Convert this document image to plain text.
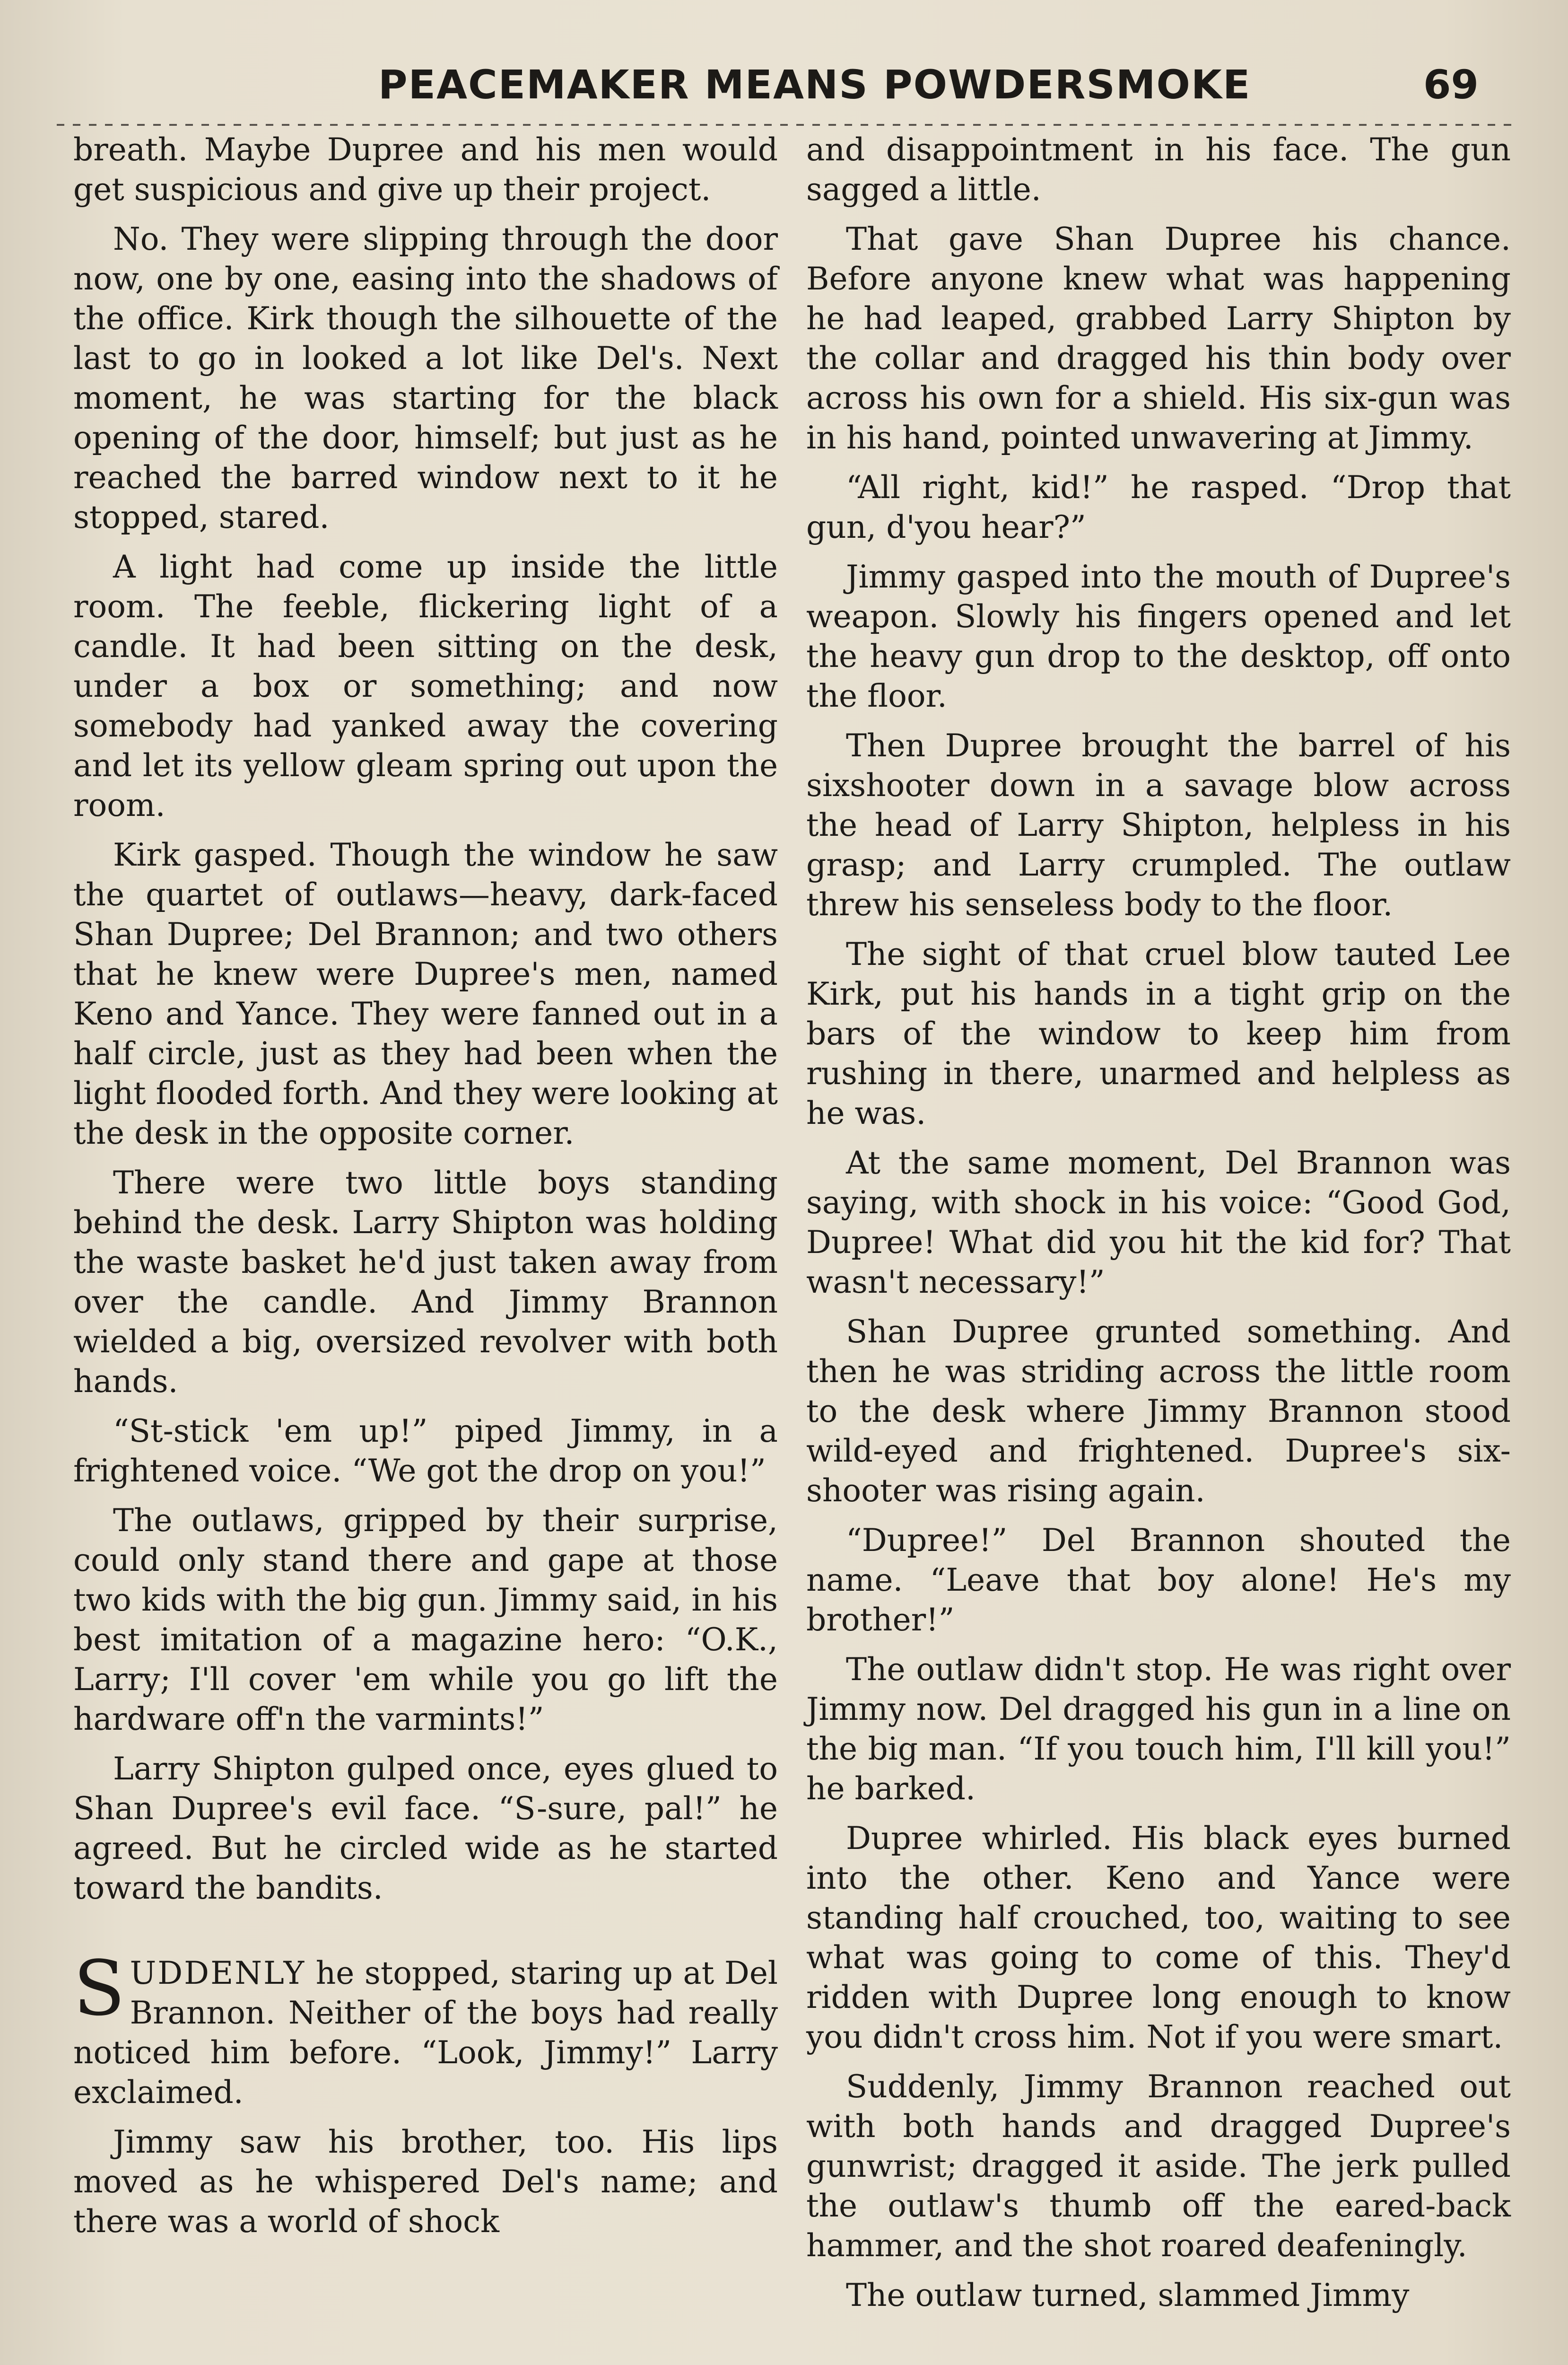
PEACEMAKER MEANS POWDERSMOKE	69

breath. Maybe Dupree and his men would get suspicious and give up their project.

No. They were slipping through the door now, one by one, easing into the shadows of the office. Kirk though the silhouette of the last to go in looked a lot like Del's. Next moment, he was starting for the black opening of the door, himself; but just as he reached the barred window next to it he stopped, stared.

A light had come up inside the little room. The feeble, flickering light of a candle. It had been sitting on the desk, under a box or something; and now somebody had yanked away the covering and let its yellow gleam spring out upon the room.

Kirk gasped. Though the window he saw the quartet of outlaws—heavy, dark-faced Shan Dupree; Del Brannon; and two others that he knew were Dupree's men, named Keno and Yance. They were fanned out in a half circle, just as they had been when the light flooded forth. And they were looking at the desk in the opposite corner.

There were two little boys standing behind the desk. Larry Shipton was holding the waste basket he'd just taken away from over the candle. And Jimmy Brannon wielded a big, oversized revolver with both hands.

“St-stick 'em up!” piped Jimmy, in a frightened voice. “We got the drop on you!”

The outlaws, gripped by their surprise, could only stand there and gape at those two kids with the big gun. Jimmy said, in his best imitation of a magazine hero: “O.K., Larry; I'll cover 'em while you go lift the hardware off'n the varmints!”

Larry Shipton gulped once, eyes glued to Shan Dupree's evil face. “S-sure, pal!” he agreed. But he circled wide as he started toward the bandits.

SUDDENLY he stopped, staring up at Del Brannon. Neither of the boys had really noticed him before. “Look, Jimmy!” Larry exclaimed.

Jimmy saw his brother, too. His lips moved as he whispered Del's name; and there was a world of shock

and disappointment in his face. The gun sagged a little.

That gave Shan Dupree his chance. Before anyone knew what was happening he had leaped, grabbed Larry Shipton by the collar and dragged his thin body over across his own for a shield. His six-gun was in his hand, pointed unwavering at Jimmy.

“All right, kid!” he rasped. “Drop that gun, d'you hear?”

Jimmy gasped into the mouth of Dupree's weapon. Slowly his fingers opened and let the heavy gun drop to the desktop, off onto the floor.

Then Dupree brought the barrel of his sixshooter down in a savage blow across the head of Larry Shipton, helpless in his grasp; and Larry crumpled. The outlaw threw his senseless body to the floor.

The sight of that cruel blow tauted Lee Kirk, put his hands in a tight grip on the bars of the window to keep him from rushing in there, unarmed and helpless as he was.

At the same moment, Del Brannon was saying, with shock in his voice: “Good God, Dupree! What did you hit the kid for? That wasn't necessary!”

Shan Dupree grunted something. And then he was striding across the little room to the desk where Jimmy Brannon stood wild-eyed and frightened. Dupree's six-shooter was rising again.

“Dupree!” Del Brannon shouted the name. “Leave that boy alone! He's my brother!”

The outlaw didn't stop. He was right over Jimmy now. Del dragged his gun in a line on the big man. “If you touch him, I'll kill you!” he barked.

Dupree whirled. His black eyes burned into the other. Keno and Yance were standing half crouched, too, waiting to see what was going to come of this. They'd ridden with Dupree long enough to know you didn't cross him. Not if you were smart.

Suddenly, Jimmy Brannon reached out with both hands and dragged Dupree's gunwrist; dragged it aside. The jerk pulled the outlaw's thumb off the eared-back hammer, and the shot roared deafeningly.

The outlaw turned, slammed Jimmy
